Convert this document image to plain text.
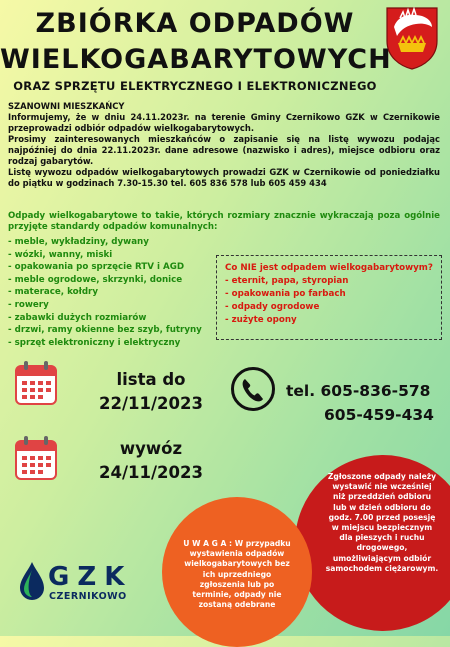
ZBIÓRKA ODPADÓW
WIELKOGABARYTOWYCH
ORAZ SPRZĘTU ELEKTRYCZNEGO I ELEKTRONICZNEGO

SZANOWNI MIESZKAŃCY

Informujemy, że w dniu 24.11.2023r. na terenie Gminy Czernikowo GZK w Czernikowie przeprowadzi odbiór odpadów wielkogabarytowych.

Prosimy zainteresowanych mieszkańców o zapisanie się na listę wywozu podając najpóźniej do dnia 22.11.2023r. dane adresowe (nazwisko i adres), miejsce odbioru oraz rodzaj gabarytów.

Listę wywozu odpadów wielkogabarytowych prowadzi GZK w Czernikowie od poniedziałku do piątku w godzinach 7.30-15.30 tel. 605 836 578 lub 605 459 434

Odpady wielkogabarytowe to takie, których rozmiary znacznie wykraczają poza ogólnie przyjęte standardy odpadów komunalnych:
- meble, wykładziny, dywany
- wózki, wanny, miski
- opakowania po sprzęcie RTV i AGD
- meble ogrodowe, skrzynki, donice
- materace, kołdry
- rowery
- zabawki dużych rozmiarów
- drzwi, ramy okienne bez szyb, futryny
- sprzęt elektroniczny i elektryczny
Co NIE jest odpadem wielkogabarytowym?
- eternit, papa, styropian
- opakowania po farbach
- odpady ogrodowe
- zużyte opony
lista do
22/11/2023
wywóz
24/11/2023
tel. 605-836-578
605-459-434
Zgłoszone odpady należy wystawić nie wcześniej niż przeddzień odbioru lub w dzień odbioru do godz. 7.00 przed posesję w miejscu bezpiecznym dla pieszych i ruchu drogowego, umożliwiającym odbiór samochodem ciężarowym.
U W A G A : W przypadku wystawienia odpadów wielkogabarytowych bez ich uprzedniego zgłoszenia lub po terminie, odpady nie zostaną odebrane
GZK
CZERNIKOWO
